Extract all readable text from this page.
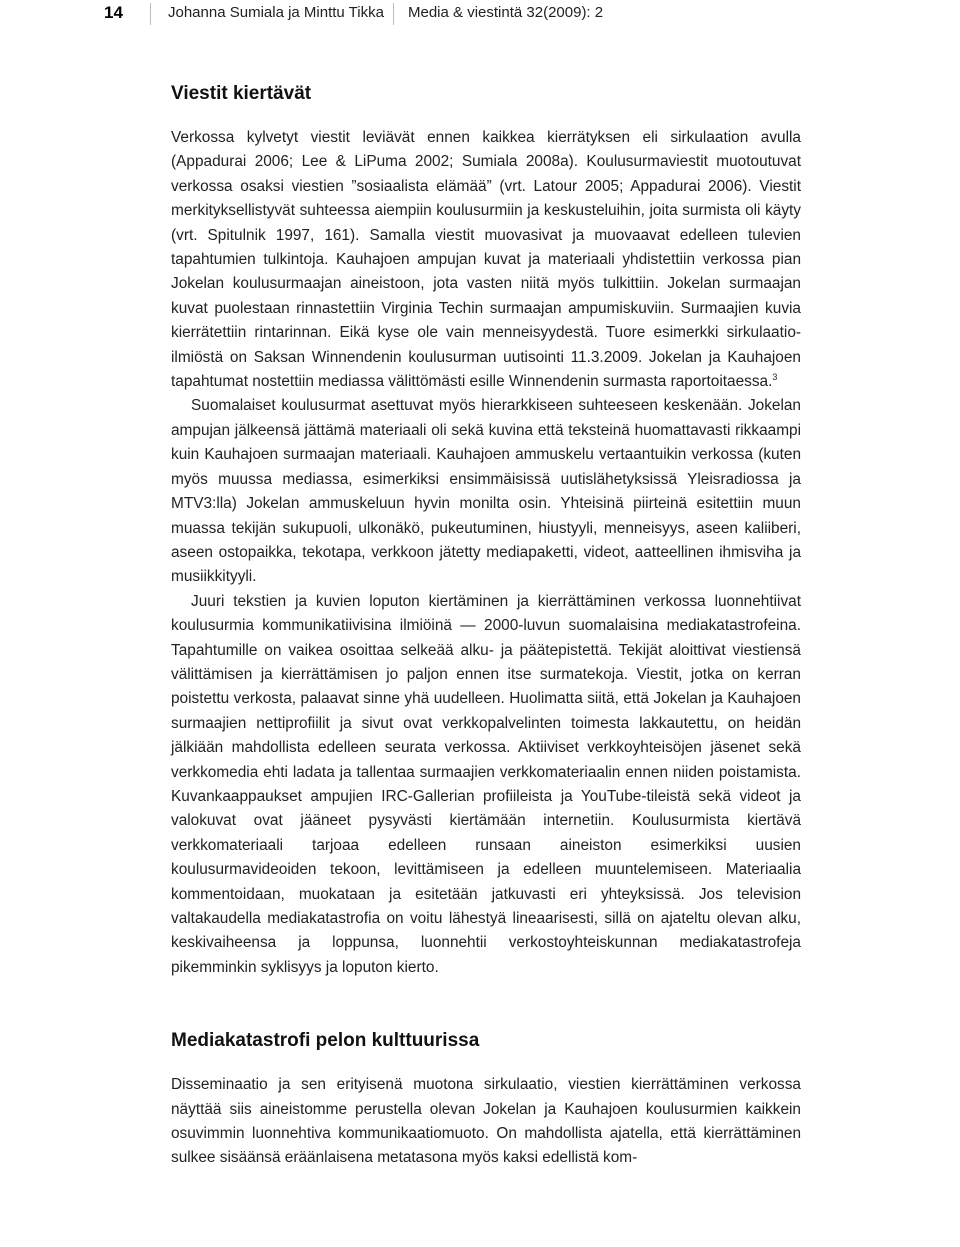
14	Johanna Sumiala ja Minttu Tikka Media & viestintä 32(2009): 2
Viestit kiertävät

Verkossa kylvetyt viestit leviävät ennen kaikkea kierrätyksen eli sirkulaation avulla (Appadurai 2006; Lee & LiPuma 2002; Sumiala 2008a). Koulusurmaviestit muotoutuvat verkossa osaksi viestien ”sosiaalista elämää” (vrt. Latour 2005; Appadurai 2006). Viestit merkityksellistyvät suhteessa aiempiin koulusurmiin ja keskusteluihin, joita surmista oli käyty (vrt. Spitulnik 1997, 161). Samalla viestit muovasivat ja muovaavat edelleen tulevien tapahtumien tulkintoja. Kauhajoen ampujan kuvat ja materiaali yhdistettiin verkossa pian Jokelan koulusurmaajan aineistoon, jota vasten niitä myös tulkittiin. Jokelan surmaajan kuvat puolestaan rinnastettiin Virginia Techin surmaajan ampumiskuviin. Surmaajien kuvia kierrätettiin rintarinnan. Eikä kyse ole vain menneisyydestä. Tuore esimerkki sirkulaatio-ilmiöstä on Saksan Winnendenin koulusurman uutisointi 11.3.2009. Jokelan ja Kauhajoen tapahtumat nostettiin mediassa välittömästi esille Winnendenin surmasta raportoitaessa.$^3$

Suomalaiset koulusurmat asettuvat myös hierarkkiseen suhteeseen keskenään. Jokelan ampujan jälkeensä jättämä materiaali oli sekä kuvina että teksteinä huomattavasti rikkaampi kuin Kauhajoen surmaajan materiaali. Kauhajoen ammuskelu vertaantuikin verkossa (kuten myös muussa mediassa, esimerkiksi ensimmäisissä uutislähetyksissä Yleisradiossa ja MTV3:lla) Jokelan ammuskeluun hyvin monilta osin. Yhteisinä piirteinä esitettiin muun muassa tekijän sukupuoli, ulkonäkö, pukeutuminen, hiustyyli, menneisyys, aseen kaliiberi, aseen ostopaikka, tekotapa, verkkoon jätetty mediapaketti, videot, aatteellinen ihmisviha ja musiikkityyli.

Juuri tekstien ja kuvien loputon kiertäminen ja kierrättäminen verkossa luonnehtiivat koulusurmia kommunikatiivisina ilmiöinä — 2000-luvun suomalaisina mediakatastrofeina. Tapahtumille on vaikea osoittaa selkeää alku- ja päätepistettä. Tekijät aloittivat viestiensä välittämisen ja kierrättämisen jo paljon ennen itse surmatekoja. Viestit, jotka on kerran poistettu verkosta, palaavat sinne yhä uudelleen. Huolimatta siitä, että Jokelan ja Kauhajoen surmaajien nettiprofiilit ja sivut ovat verkkopalvelinten toimesta lakkautettu, on heidän jälkiään mahdollista edelleen seurata verkossa. Aktiiviset verkkoyhteisöjen jäsenet sekä verkkomedia ehti ladata ja tallentaa surmaajien verkkomateriaalin ennen niiden poistamista. Kuvankaappaukset ampujien IRC-Gallerian profiileista ja YouTube-tileistä sekä videot ja valokuvat ovat jääneet pysyvästi kiertämään internetiin. Koulusurmista kiertävä verkkomateriaali tarjoaa edelleen runsaan aineiston esimerkiksi uusien koulusurmavideoiden tekoon, levittämiseen ja edelleen muuntelemiseen. Materiaalia kommentoidaan, muokataan ja esitetään jatkuvasti eri yhteyksissä. Jos television valtakaudella mediakatastrofia on voitu lähestyä lineaarisesti, sillä on ajateltu olevan alku, keskivaiheensa ja loppunsa, luonnehtii verkostoyhteiskunnan mediakatastrofeja pikemminkin syklisyys ja loputon kierto.

Mediakatastrofi pelon kulttuurissa

Disseminaatio ja sen erityisenä muotona sirkulaatio, viestien kierrättäminen verkossa näyttää siis aineistomme perustella olevan Jokelan ja Kauhajoen koulusurmien kaikkein osuvimmin luonnehtiva kommunikaatiomuoto. On mahdollista ajatella, että kierrättäminen sulkee sisäänsä eräänlaisena metatasona myös kaksi edellistä kom-
